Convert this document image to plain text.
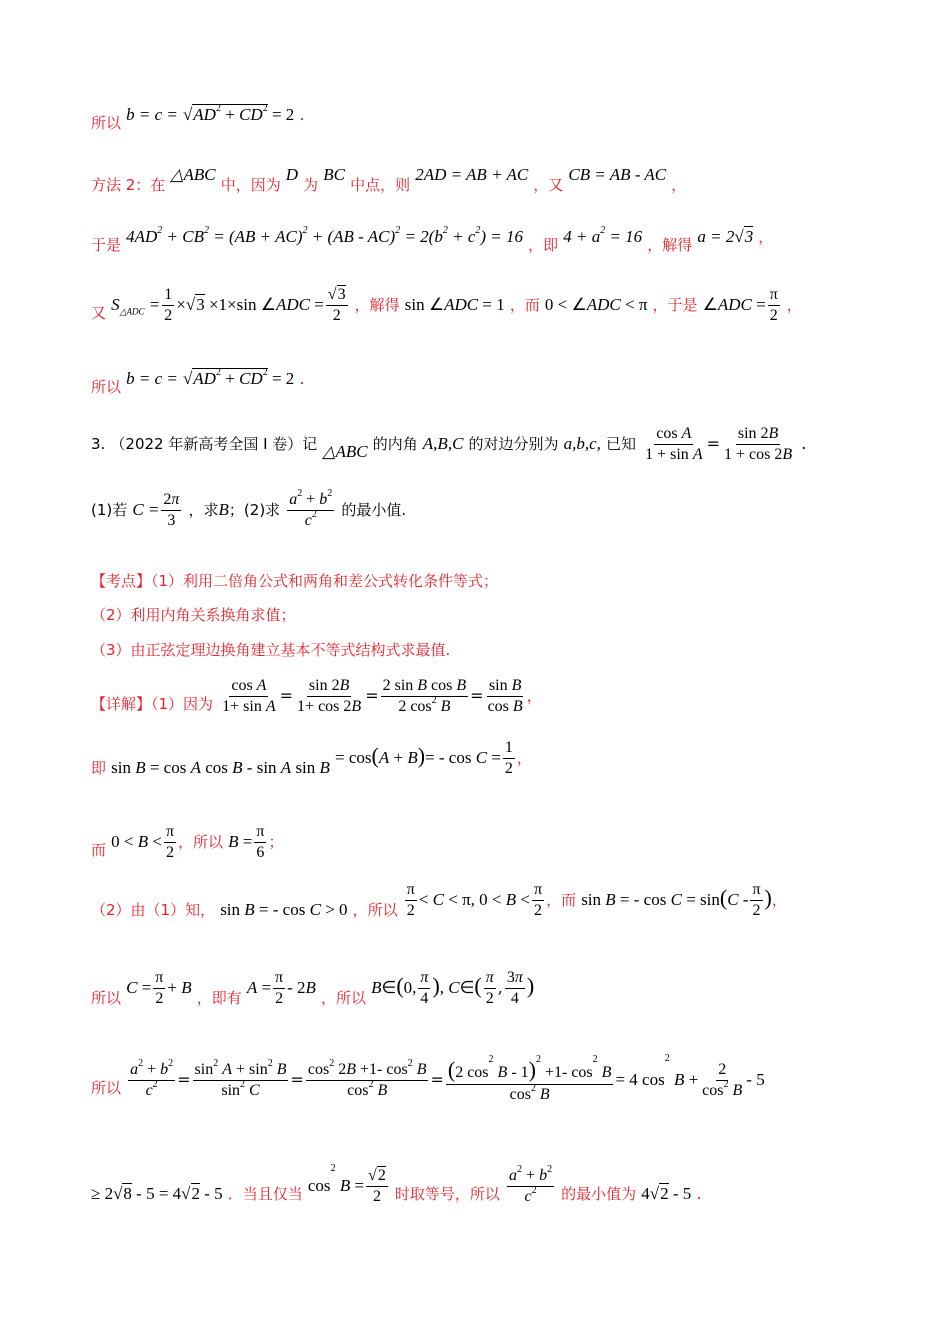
所以 $b = c = √AD^2 + CD^2 = 2$ .
方法 2：在 △ABC 中，因为 D 为 BC 中点，则 2AD = AB + AC ，又 CB = AB - AC ，
于是 $4AD^2 + CB^2 = (AB + AC)^2 + (AB - AC)^2 = 2(b^2 + c^2) = 16$ ，即 $4 + a^2 = 16$ ，解得 a = 2√3 ，
又 $S_{\triangle ADC} = \frac{1}{2} \times√3 \times 1\times\sin$ ∠ADC = $\frac{√3}{2}$ ，解得 sin ∠ADC = 1 ，而 0 < ∠ADC < π ，于是 ∠ADC = $\frac{\pi}{2}$ ，
所以 $b = c = √AD^2 + CD^2 = 2$ .
3. （2022 年新高考全国 I 卷）记 △ABC 的内角 A,B,C 的对边分别为 a,b,c, 已知 $\frac{\text{cos A}}{\text{1 + sin A}} = \frac{\sin 2B}{1 + \cos 2B}$ .
(1)若 $C = \frac{2\pi}{3}$ ，求B；(2)求 $\frac{a^2 + b^2}{c^2}$ 的最小值.
【考点】（1）利用二倍角公式和两角和差公式转化条件等式；
（2）利用内角关系换角求值；
（3）由正弦定理边换角建立基本不等式结构式求最值.
【详解】（1）因为 $\frac{\text{cos A}}{\text{1+ sin A}} = \frac{\sin 2B}{1+ \cos 2B} = \frac{\text{2 sin B cos B}}{2 \cos^2 B} = \frac{\text{sin B}}{\text{cos B}}$ ，
即 sin B = cos A cos B - sin A $\sin B = \cos(A + B)= - \cos C = \frac{1}{2}$ ，
而 $0 < B < \frac{\pi}{2}$ ，所以 $B = \frac{\pi}{6}$ ；
（2）由（1）知， sin B = - cos C > 0 ，所以 $\frac{\pi}{2} < C < \pi$, $0 < B < \frac{\pi}{2}$ ，而 sin B = - $\cos C = \sin(C - \frac{\pi}{2}$ )，
所以 $C = \frac{\pi}{2} + B$ ，即有 $A = \frac{\pi}{2} - 2B$ ，所以 B∈(0, $\frac{\pi}{4}$ ), C∈( $\frac{\pi}{2}$ , $\frac{3\pi}{4}$ )
所以 $\frac{a^2 + b^2}{c^2} = \frac{\sin^2 A + \sin^2 B}{\sin^2 C} = \frac{\cos^2 2B +1- \cos^2 B}{\cos^2 B} = \frac{(2 \cos^2 B - 1)^2 +1- \cos^2 B}{\cos^2 B} = 4$ $\cos^2 B + \frac{2}{\cos^2 B} - 5$
≥ 2√8 - 5 = 4√2 - 5 ．当且仅当 $\cos^2 B = \frac{√2}{2}$ 时取等号，所以 $\frac{a^2 + b^2}{c^2}$ 的最小值为 4√2 - 5 .
